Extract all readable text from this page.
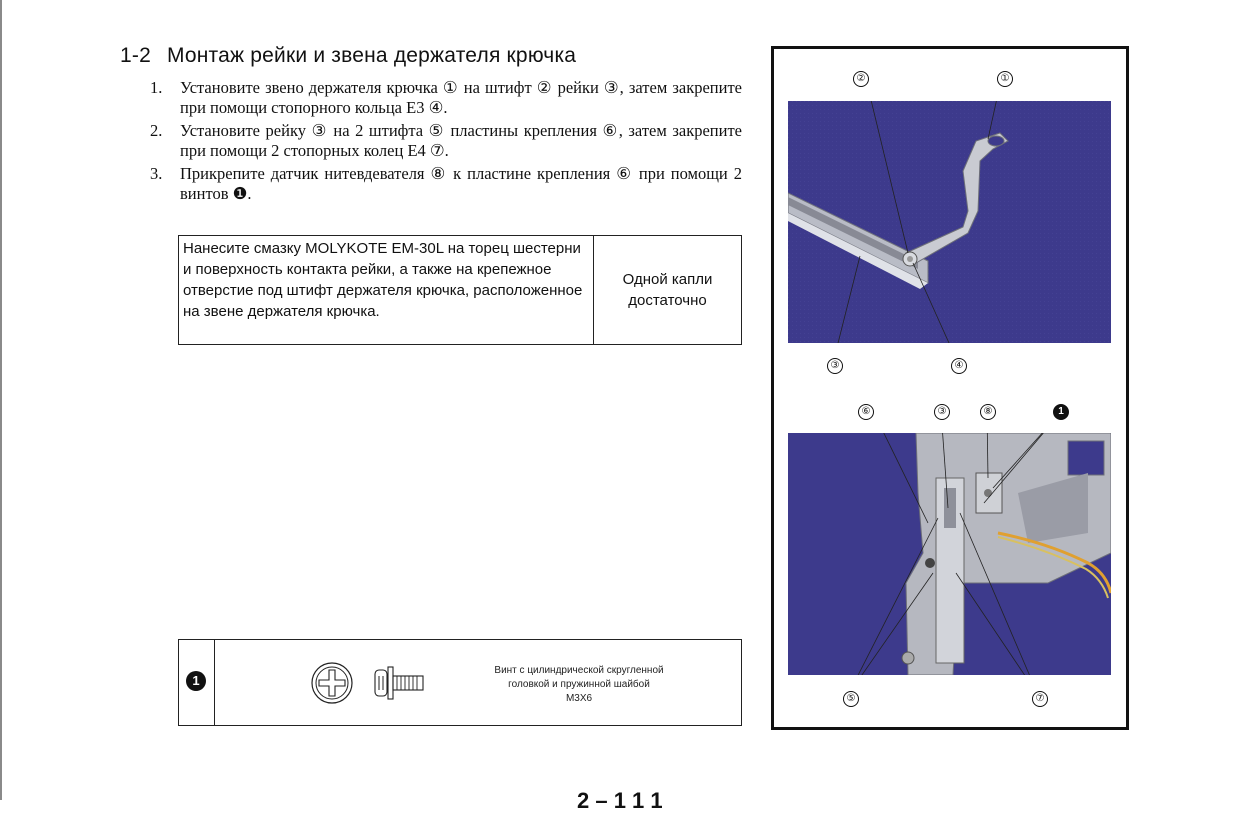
1-2 Монтаж рейки и звена держателя крючка
1. Установите звено держателя крючка ① на штифт ② рейки ③, затем закрепите при помощи стопорного кольца E3 ④.
2. Установите рейку ③ на 2 штифта ⑤ пластины крепления ⑥, затем закрепите при помощи 2 стопорных колец E4 ⑦.
3. Прикрепите датчик нитевдевателя ⑧ к пластине крепления ⑥ при помощи 2 винтов ❶.
Нанесите смазку MOLYKOTE EM-30L на торец шестерни и поверхность контакта рейки, а также на крепежное отверстие под штифт держателя крючка, расположенное на звене держателя крючка.	Одной капли достаточно
1
Винт с цилиндрической скругленной
головкой и пружинной шайбой
M3X6
②	①
③	④
⑥	③	⑧	1
⑤	⑦
2 – 1 1 1
